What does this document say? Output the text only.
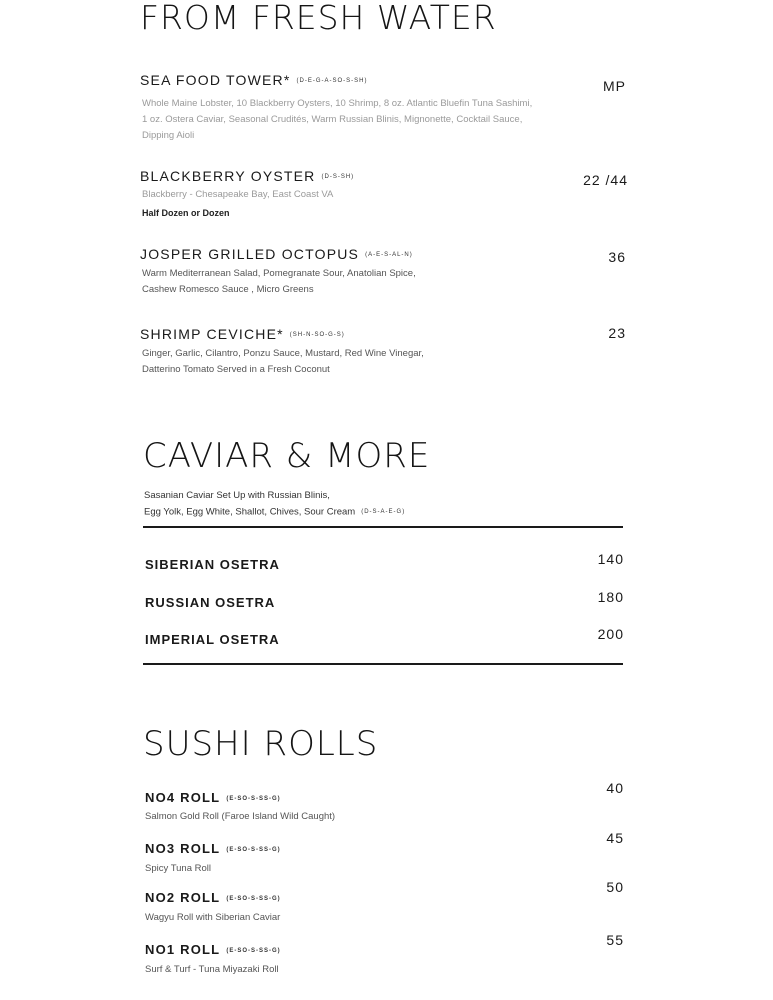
FROM FRESH WATER
SEA FOOD TOWER* (D-E-G-A-SO-S-SH)
Whole Maine Lobster, 10 Blackberry Oysters, 10 Shrimp, 8 oz. Atlantic Bluefin Tuna Sashimi,
1 oz. Ostera Caviar, Seasonal Crudités, Warm Russian Blinis, Mignonette, Cocktail Sauce,
Dipping Aioli
MP
BLACKBERRY OYSTER (D-S-SH)
Blackberry - Chesapeake Bay, East Coast VA
Half Dozen or Dozen
22 /44
JOSPER GRILLED OCTOPUS (A-E-S-AL-N)
Warm Mediterranean Salad, Pomegranate Sour, Anatolian Spice,
Cashew Romesco Sauce , Micro Greens
36
SHRIMP CEVICHE* (SH-N-SO-G-S)
Ginger, Garlic, Cilantro, Ponzu Sauce, Mustard, Red Wine Vinegar,
Datterino Tomato Served in a Fresh Coconut
23
CAVIAR & MORE
Sasanian Caviar Set Up with Russian Blinis,
Egg Yolk, Egg White, Shallot, Chives, Sour Cream (D-S-A-E-G)
SIBERIAN OSETRA	140
RUSSIAN OSETRA	180
IMPERIAL OSETRA	200
SUSHI ROLLS
NO4 ROLL (E-SO-S-SS-G)
Salmon Gold Roll (Faroe Island Wild Caught)
40
NO3 ROLL (E-SO-S-SS-G)
Spicy Tuna Roll
45
NO2 ROLL (E-SO-S-SS-G)
Wagyu Roll with Siberian Caviar
50
NO1 ROLL (E-SO-S-SS-G)
Surf & Turf - Tuna Miyazaki Roll
55
